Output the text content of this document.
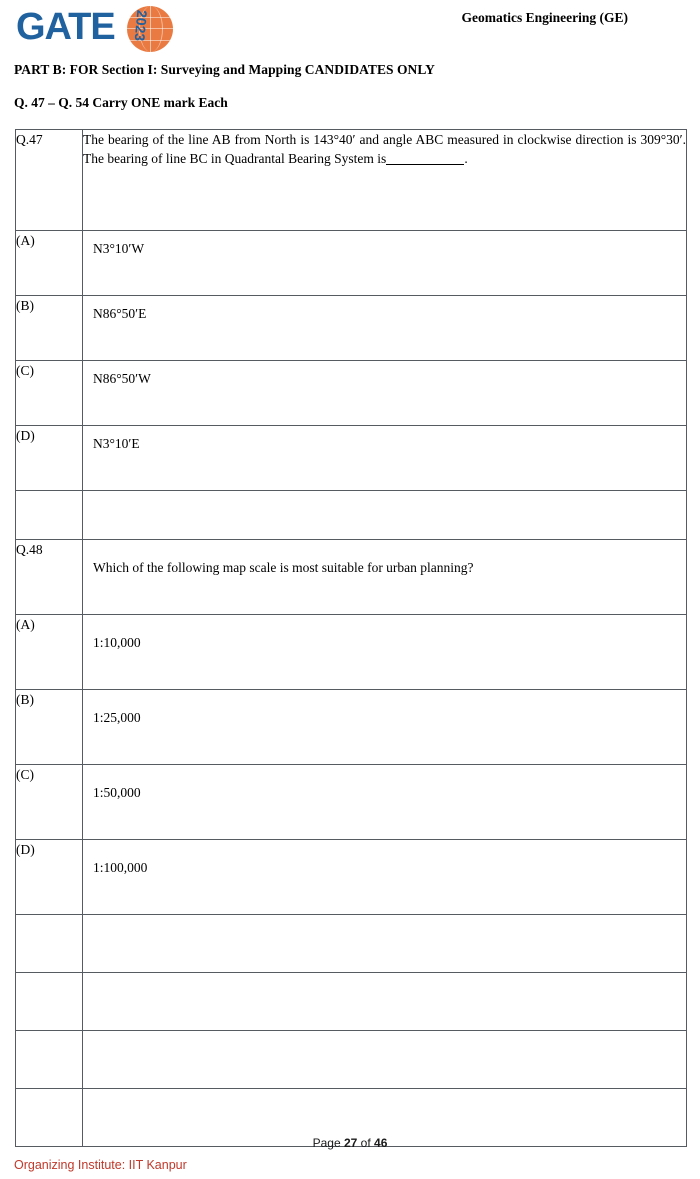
GATE 2023	Geomatics Engineering (GE)
PART B: FOR Section I: Surveying and Mapping CANDIDATES ONLY
Q. 47 – Q. 54 Carry ONE mark Each
Q.47	The bearing of the line AB from North is 143°40′ and angle ABC measured in clockwise direction is 309°30′. The bearing of line BC in Quadrantal Bearing System is .
(A)	N3°10′W
(B)	N86°50′E
(C)	N86°50′W
(D)	N3°10′E

Q.48	Which of the following map scale is most suitable for urban planning?
(A)	1:10,000
(B)	1:25,000
(C)	1:50,000
(D)	1:100,000

Page 27 of 46
Organizing Institute: IIT Kanpur
